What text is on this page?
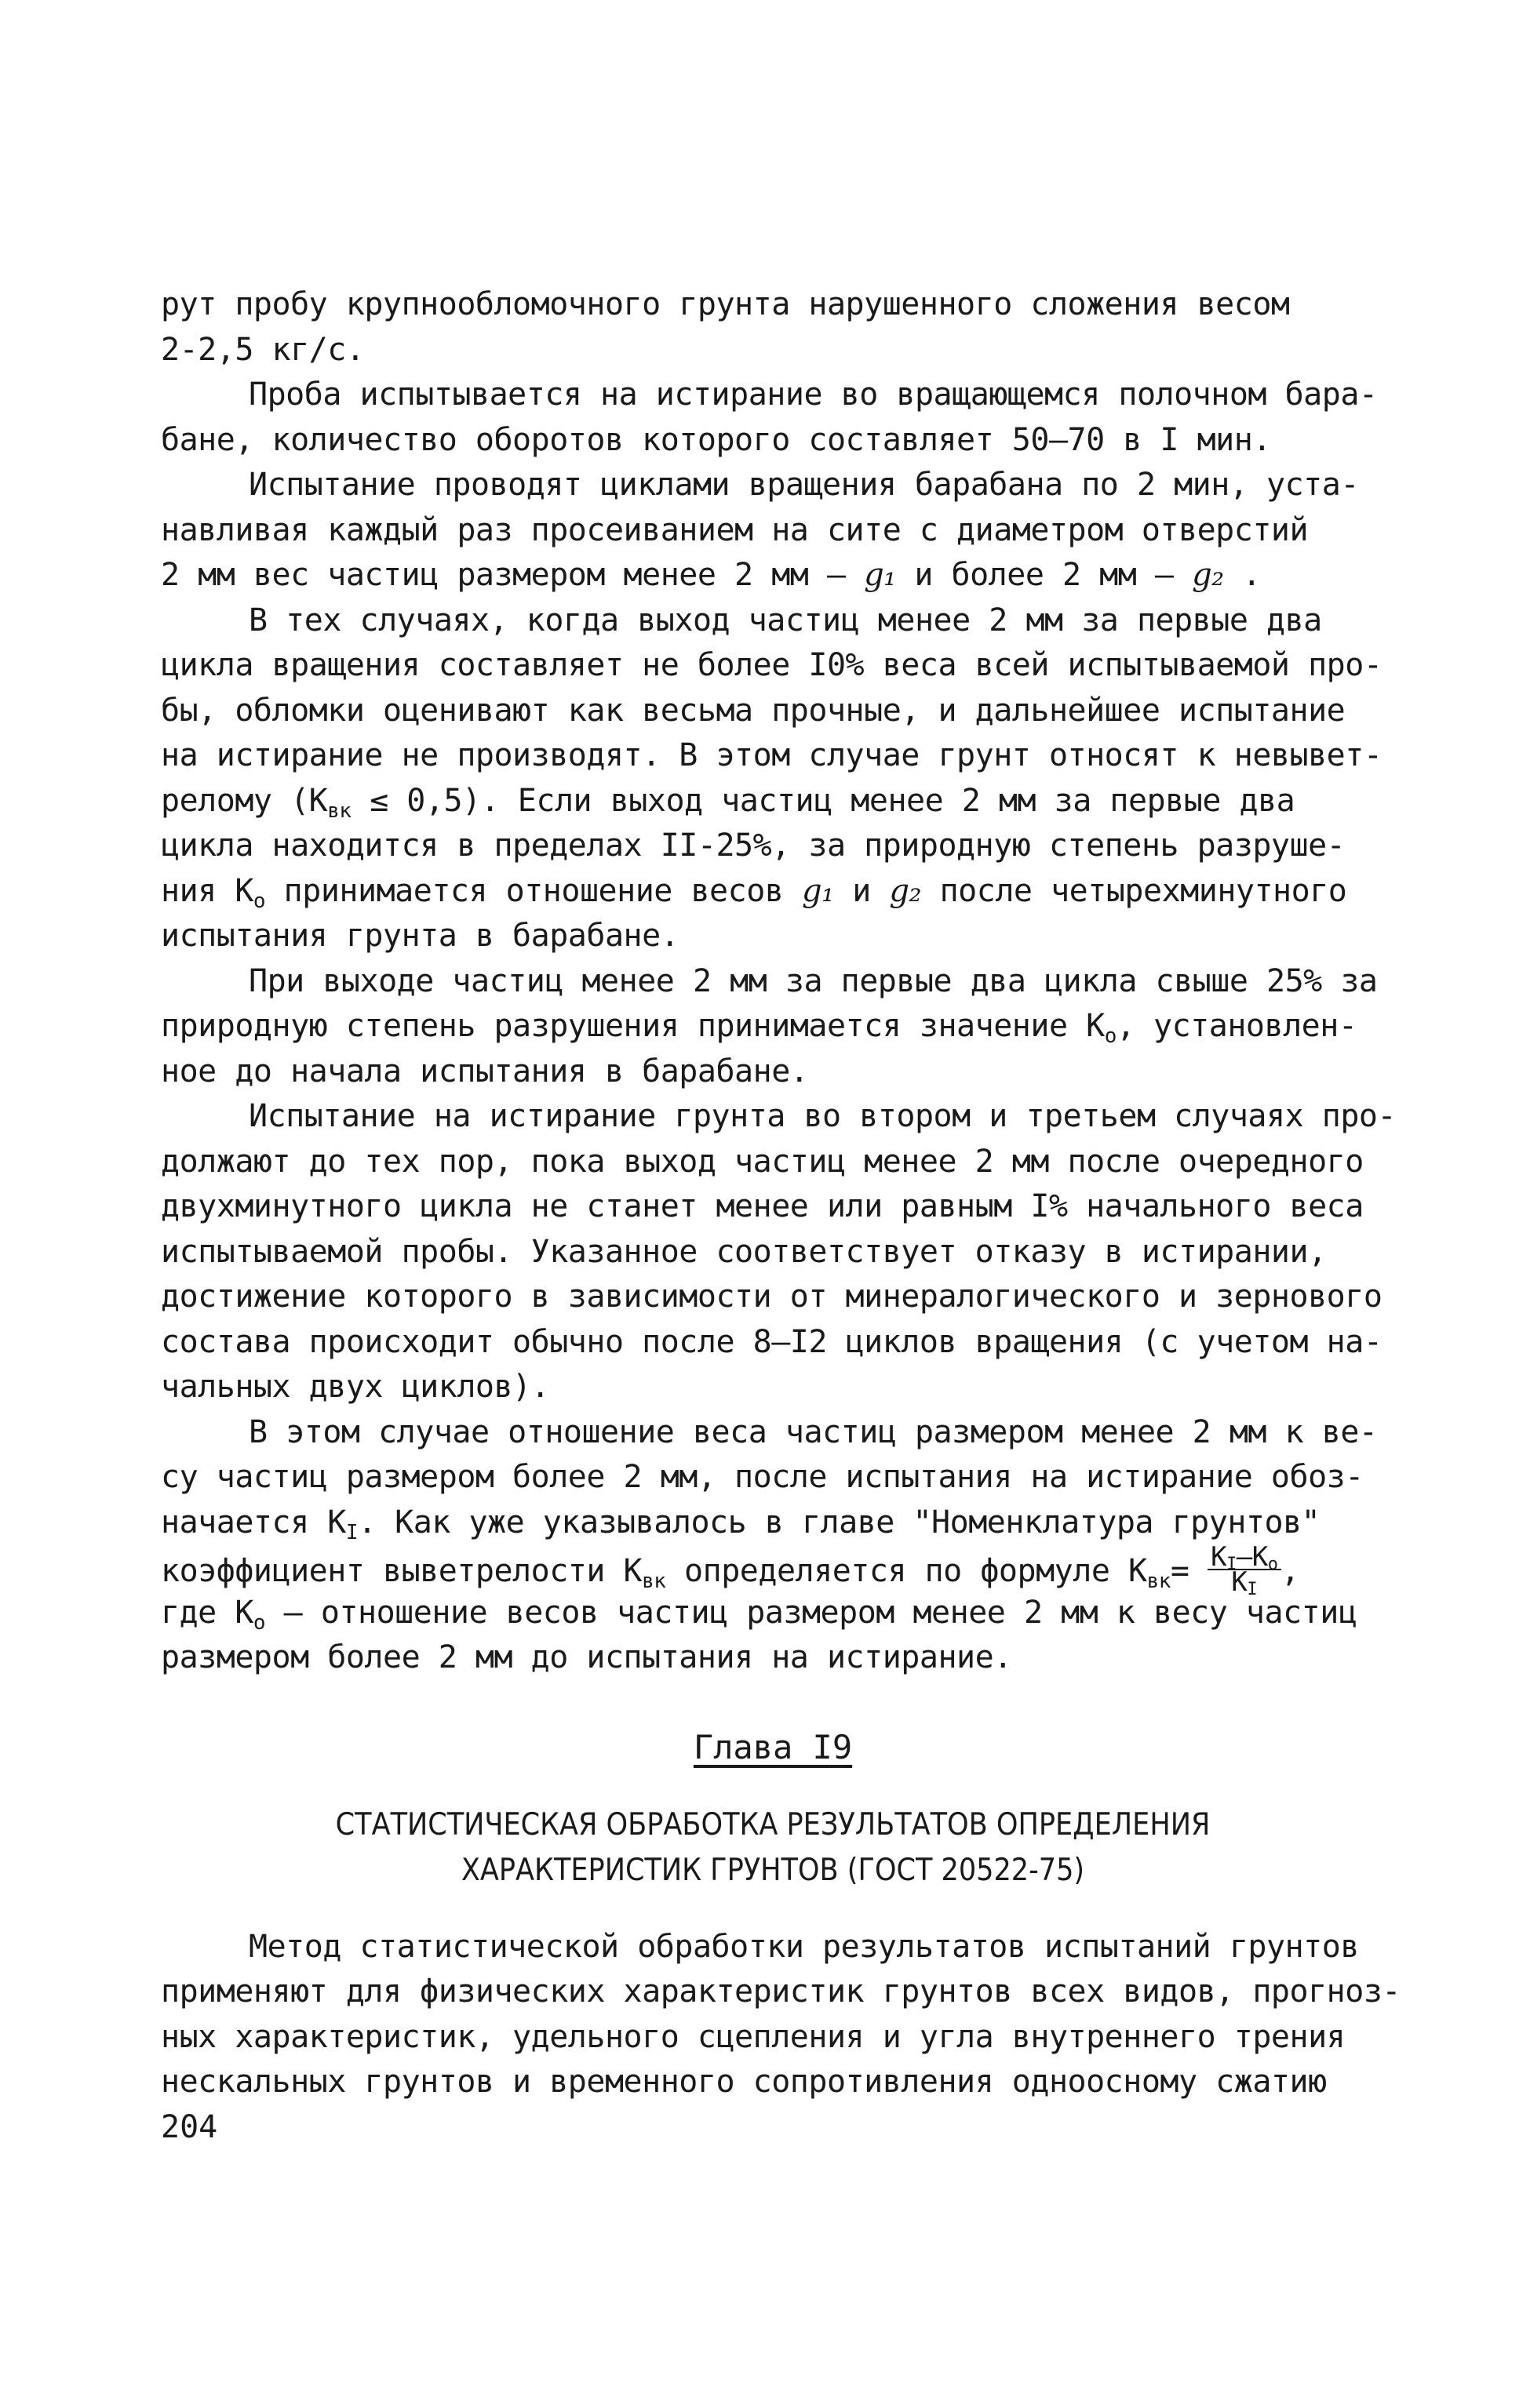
рут пробу крупнообломочного грунта нарушенного сложения весом
2-2,5 кг/с.
Проба испытывается на истирание во вращающемся полочном бара-
бане, количество оборотов которого составляет 50–70 в I мин.
Испытание проводят циклами вращения барабана по 2 мин, уста-
навливая каждый раз просеиванием на сите с диаметром отверстий
2 мм вес частиц размером менее 2 мм – g₁ и более 2 мм – g₂ .
В тех случаях, когда выход частиц менее 2 мм за первые два
цикла вращения составляет не более I0% веса всей испытываемой про-
бы, обломки оценивают как весьма прочные, и дальнейшее испытание
на истирание не производят. В этом случае грунт относят к невывет-
релому $(K_{вк} \le 0,5)$. Если выход частиц менее 2 мм за первые два
цикла находится в пределах II-25%, за природную степень разруше-
ния $K_о$ принимается отношение весов g₁ и g₂ после четырехминутного
испытания грунта в барабане.
При выходе частиц менее 2 мм за первые два цикла свыше 25% за
природную степень разрушения принимается значение $K_о$, установлен-
ное до начала испытания в барабане.
Испытание на истирание грунта во втором и третьем случаях про-
должают до тех пор, пока выход частиц менее 2 мм после очередного
двухминутного цикла не станет менее или равным I% начального веса
испытываемой пробы. Указанное соответствует отказу в истирании,
достижение которого в зависимости от минералогического и зернового
состава происходит обычно после 8–I2 циклов вращения (с учетом на-
чальных двух циклов).
В этом случае отношение веса частиц размером менее 2 мм к ве-
су частиц размером более 2 мм, после испытания на истирание обоз-
начается $K_I$. Как уже указывалось в главе "Номенклатура грунтов"
коэффициент выветрелости $K_{вк}$ определяется по формуле $K_{вк}= \frac{K_I-K_о}{K_I}$ ,
где $K_о$ – отношение весов частиц размером менее 2 мм к весу частиц
размером более 2 мм до испытания на истирание.
Глава I9
СТАТИСТИЧЕСКАЯ ОБРАБОТКА РЕЗУЛЬТАТОВ ОПРЕДЕЛЕНИЯ
ХАРАКТЕРИСТИК ГРУНТОВ (ГОСТ 20522-75)
Метод статистической обработки результатов испытаний грунтов
применяют для физических характеристик грунтов всех видов, прогноз-
ных характеристик, удельного сцепления и угла внутреннего трения
нескальных грунтов и временного сопротивления одноосному сжатию
204
